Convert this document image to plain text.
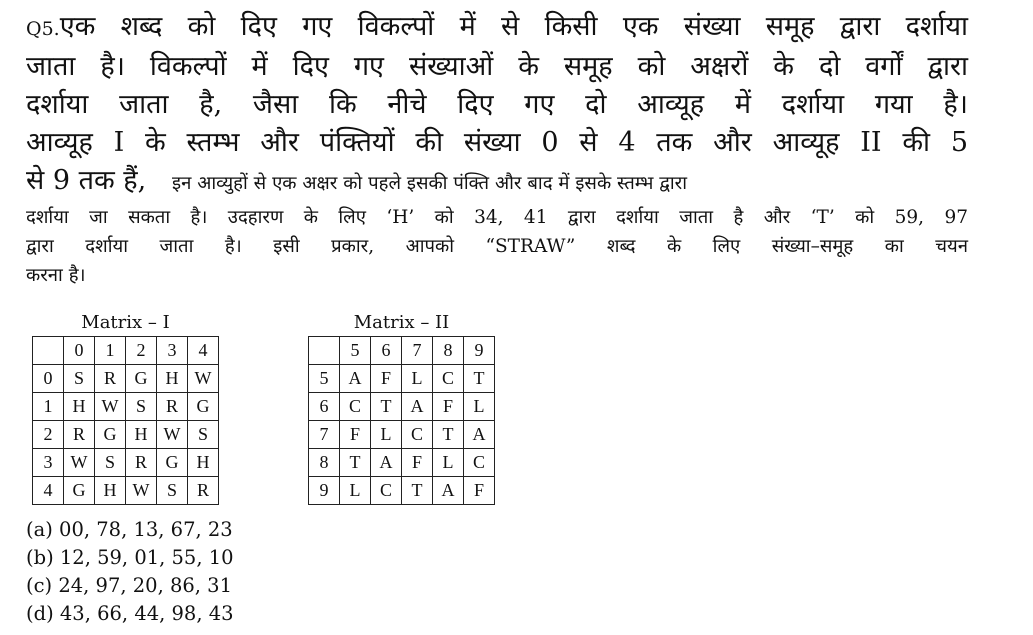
Q5.एक शब्द को दिए गए विकल्पों में से किसी एक संख्या समूह द्वारा दर्शाया

जाता है। विकल्पों में दिए गए संख्याओं के समूह को अक्षरों के दो वर्गों द्वारा

दर्शाया जाता है, जैसा कि नीचे दिए गए दो आव्यूह में दर्शाया गया है।

आव्यूह I के स्तम्भ और पंक्तियों की संख्या 0 से 4 तक और आव्यूह II की 5

से 9 तक हैं, इन आव्युहों से एक अक्षर को पहले इसकी पंक्ति और बाद में इसके स्तम्भ द्वारा

दर्शाया जा सकता है। उदहारण के लिए ‘H’ को 34, 41 द्वारा दर्शाया जाता है और ‘T’ को 59, 97

द्वारा दर्शाया जाता है। इसी प्रकार, आपको “STRAW” शब्द के लिए संख्या–समूह का चयन

करना है।

Matrix – I
	0	1	2	3	4
0	S	R	G	H	W
1	H	W	S	R	G
2	R	G	H	W	S
3	W	S	R	G	H
4	G	H	W	S	R
Matrix – II
	5	6	7	8	9
5	A	F	L	C	T
6	C	T	A	F	L
7	F	L	C	T	A
8	T	A	F	L	C
9	L	C	T	A	F
(a) 00, 78, 13, 67, 23
(b) 12, 59, 01, 55, 10
(c) 24, 97, 20, 86, 31
(d) 43, 66, 44, 98, 43
